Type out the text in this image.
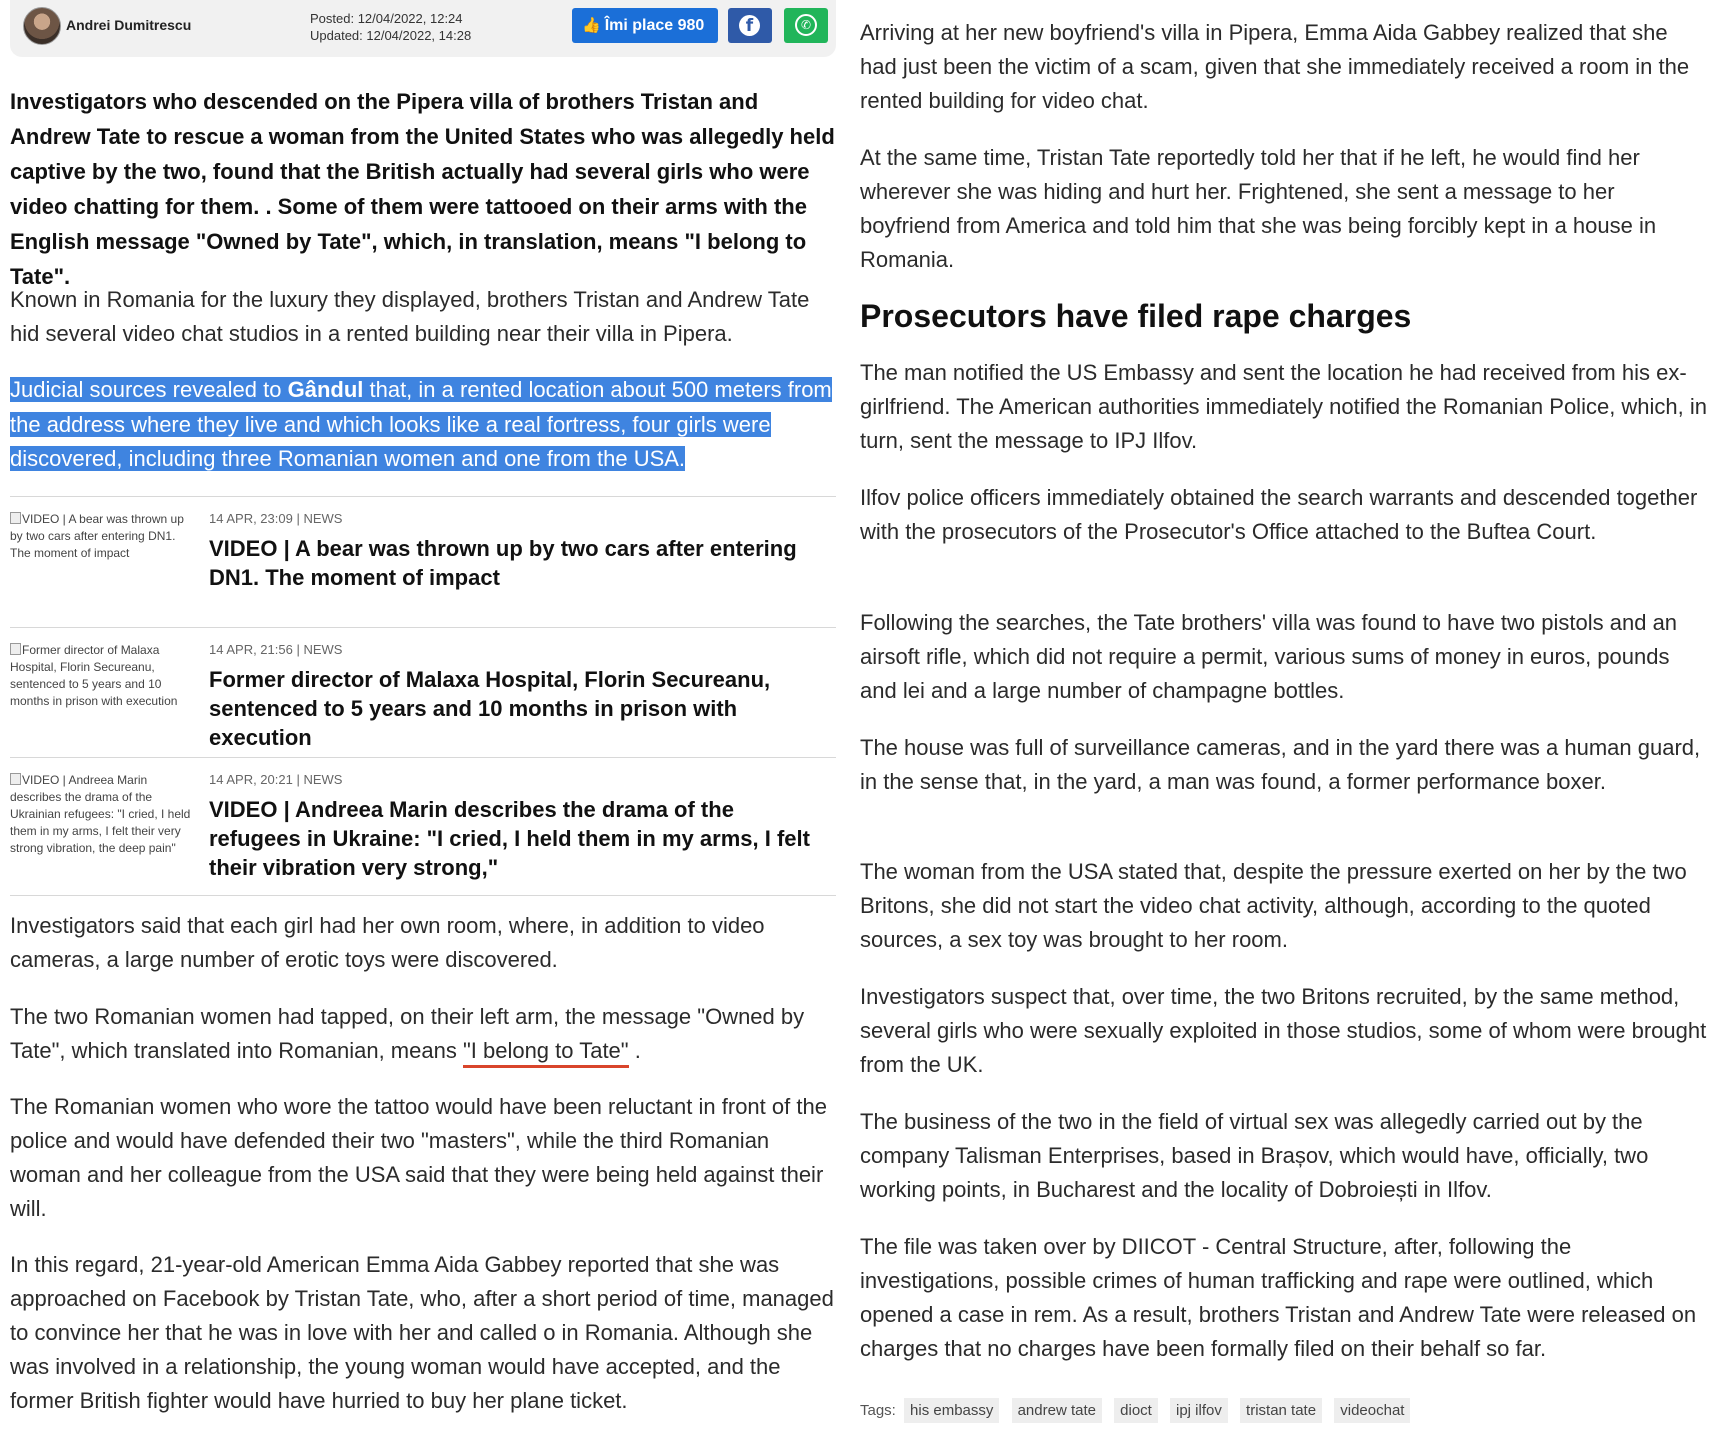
Andrei Dumitrescu	Posted: 12/04/2022, 12:24
Updated: 12/04/2022, 14:28
👍 Îmi place 980	f	✆
Investigators who descended on the Pipera villa of brothers Tristan and Andrew Tate to rescue a woman from the United States who was allegedly held captive by the two, found that the British actually had several girls who were video chatting for them. . Some of them were tattooed on their arms with the English message "Owned by Tate", which, in translation, means "I belong to Tate".
Known in Romania for the luxury they displayed, brothers Tristan and Andrew Tate hid several video chat studios in a rented building near their villa in Pipera.
Judicial sources revealed to Gândul that, in a rented location about 500 meters from the address where they live and which looks like a real fortress, four girls were discovered, including three Romanian women and one from the USA.
VIDEO | A bear was thrown up by two cars after entering DN1. The moment of impact
14 APR, 23:09 | NEWS
VIDEO | A bear was thrown up by two cars after entering DN1. The moment of impact
Former director of Malaxa Hospital, Florin Secureanu, sentenced to 5 years and 10 months in prison with execution
14 APR, 21:56 | NEWS
Former director of Malaxa Hospital, Florin Secureanu, sentenced to 5 years and 10 months in prison with execution
VIDEO | Andreea Marin describes the drama of the Ukrainian refugees: "I cried, I held them in my arms, I felt their very strong vibration, the deep pain"
14 APR, 20:21 | NEWS
VIDEO | Andreea Marin describes the drama of the refugees in Ukraine: "I cried, I held them in my arms, I felt their vibration very strong,"
Investigators said that each girl had her own room, where, in addition to video cameras, a large number of erotic toys were discovered.
The two Romanian women had tapped, on their left arm, the message "Owned by Tate", which translated into Romanian, means "I belong to Tate" .
The Romanian women who wore the tattoo would have been reluctant in front of the police and would have defended their two "masters", while the third Romanian woman and her colleague from the USA said that they were being held against their will.
In this regard, 21-year-old American Emma Aida Gabbey reported that she was approached on Facebook by Tristan Tate, who, after a short period of time, managed to convince her that he was in love with her and called o in Romania. Although she was involved in a relationship, the young woman would have accepted, and the former British fighter would have hurried to buy her plane ticket.
Arriving at her new boyfriend's villa in Pipera, Emma Aida Gabbey realized that she had just been the victim of a scam, given that she immediately received a room in the rented building for video chat.
At the same time, Tristan Tate reportedly told her that if he left, he would find her wherever she was hiding and hurt her. Frightened, she sent a message to her boyfriend from America and told him that she was being forcibly kept in a house in Romania.
Prosecutors have filed rape charges
The man notified the US Embassy and sent the location he had received from his ex-girlfriend. The American authorities immediately notified the Romanian Police, which, in turn, sent the message to IPJ Ilfov.
Ilfov police officers immediately obtained the search warrants and descended together with the prosecutors of the Prosecutor's Office attached to the Buftea Court.
Following the searches, the Tate brothers' villa was found to have two pistols and an airsoft rifle, which did not require a permit, various sums of money in euros, pounds and lei and a large number of champagne bottles.
The house was full of surveillance cameras, and in the yard there was a human guard, in the sense that, in the yard, a man was found, a former performance boxer.
The woman from the USA stated that, despite the pressure exerted on her by the two Britons, she did not start the video chat activity, although, according to the quoted sources, a sex toy was brought to her room.
Investigators suspect that, over time, the two Britons recruited, by the same method, several girls who were sexually exploited in those studios, some of whom were brought from the UK.
The business of the two in the field of virtual sex was allegedly carried out by the company Talisman Enterprises, based in Brașov, which would have, officially, two working points, in Bucharest and the locality of Dobroiești in Ilfov.
The file was taken over by DIICOT - Central Structure, after, following the investigations, possible crimes of human trafficking and rape were outlined, which opened a case in rem. As a result, brothers Tristan and Andrew Tate were released on charges that no charges have been formally filed on their behalf so far.
Tags: his embassy andrew tate dioct ipj ilfov tristan tate videochat
